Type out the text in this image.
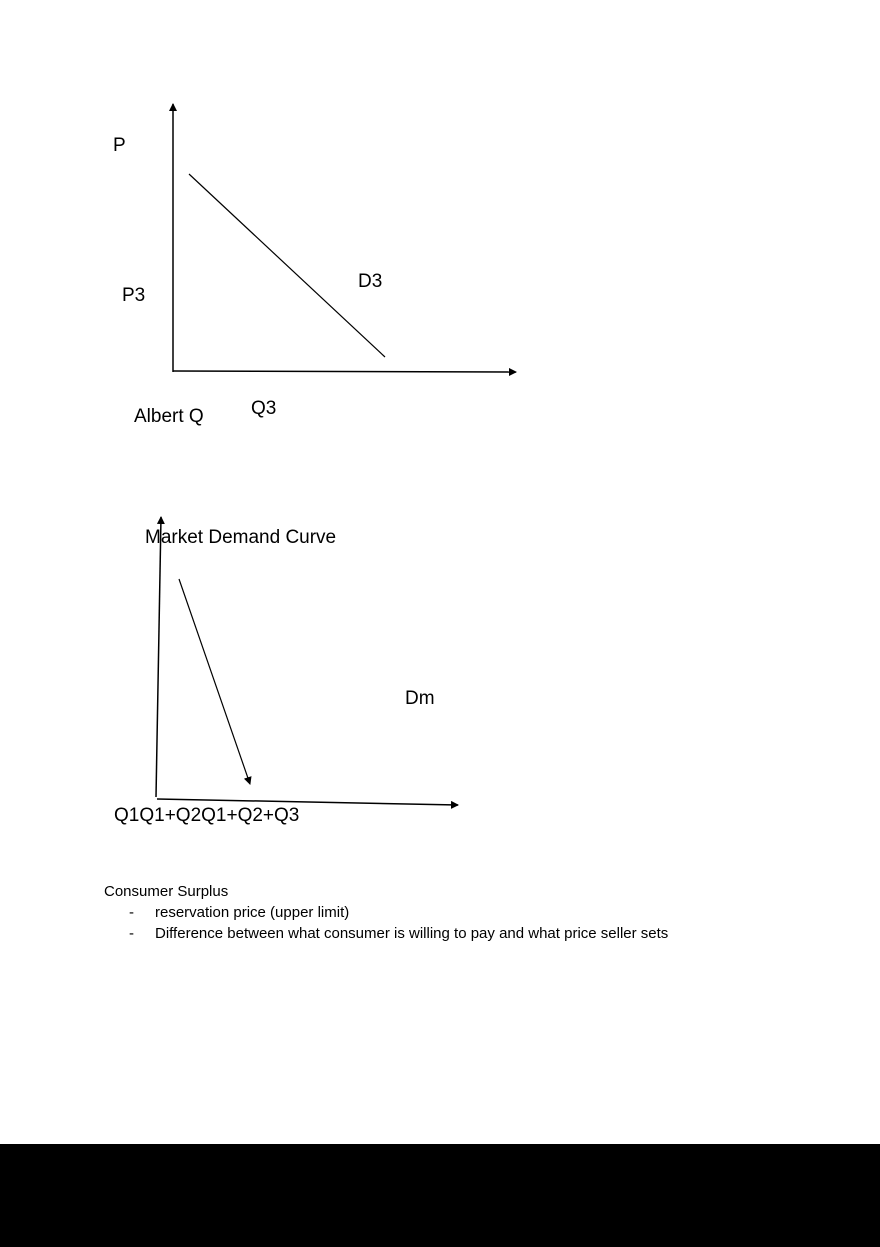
P
P3
D3
Q3
Albert Q
Market Demand Curve
Dm
Q1Q1+Q2Q1+Q2+Q3
Consumer Surplus
- reservation price (upper limit)
- Difference between what consumer is willing to pay and what price seller sets
